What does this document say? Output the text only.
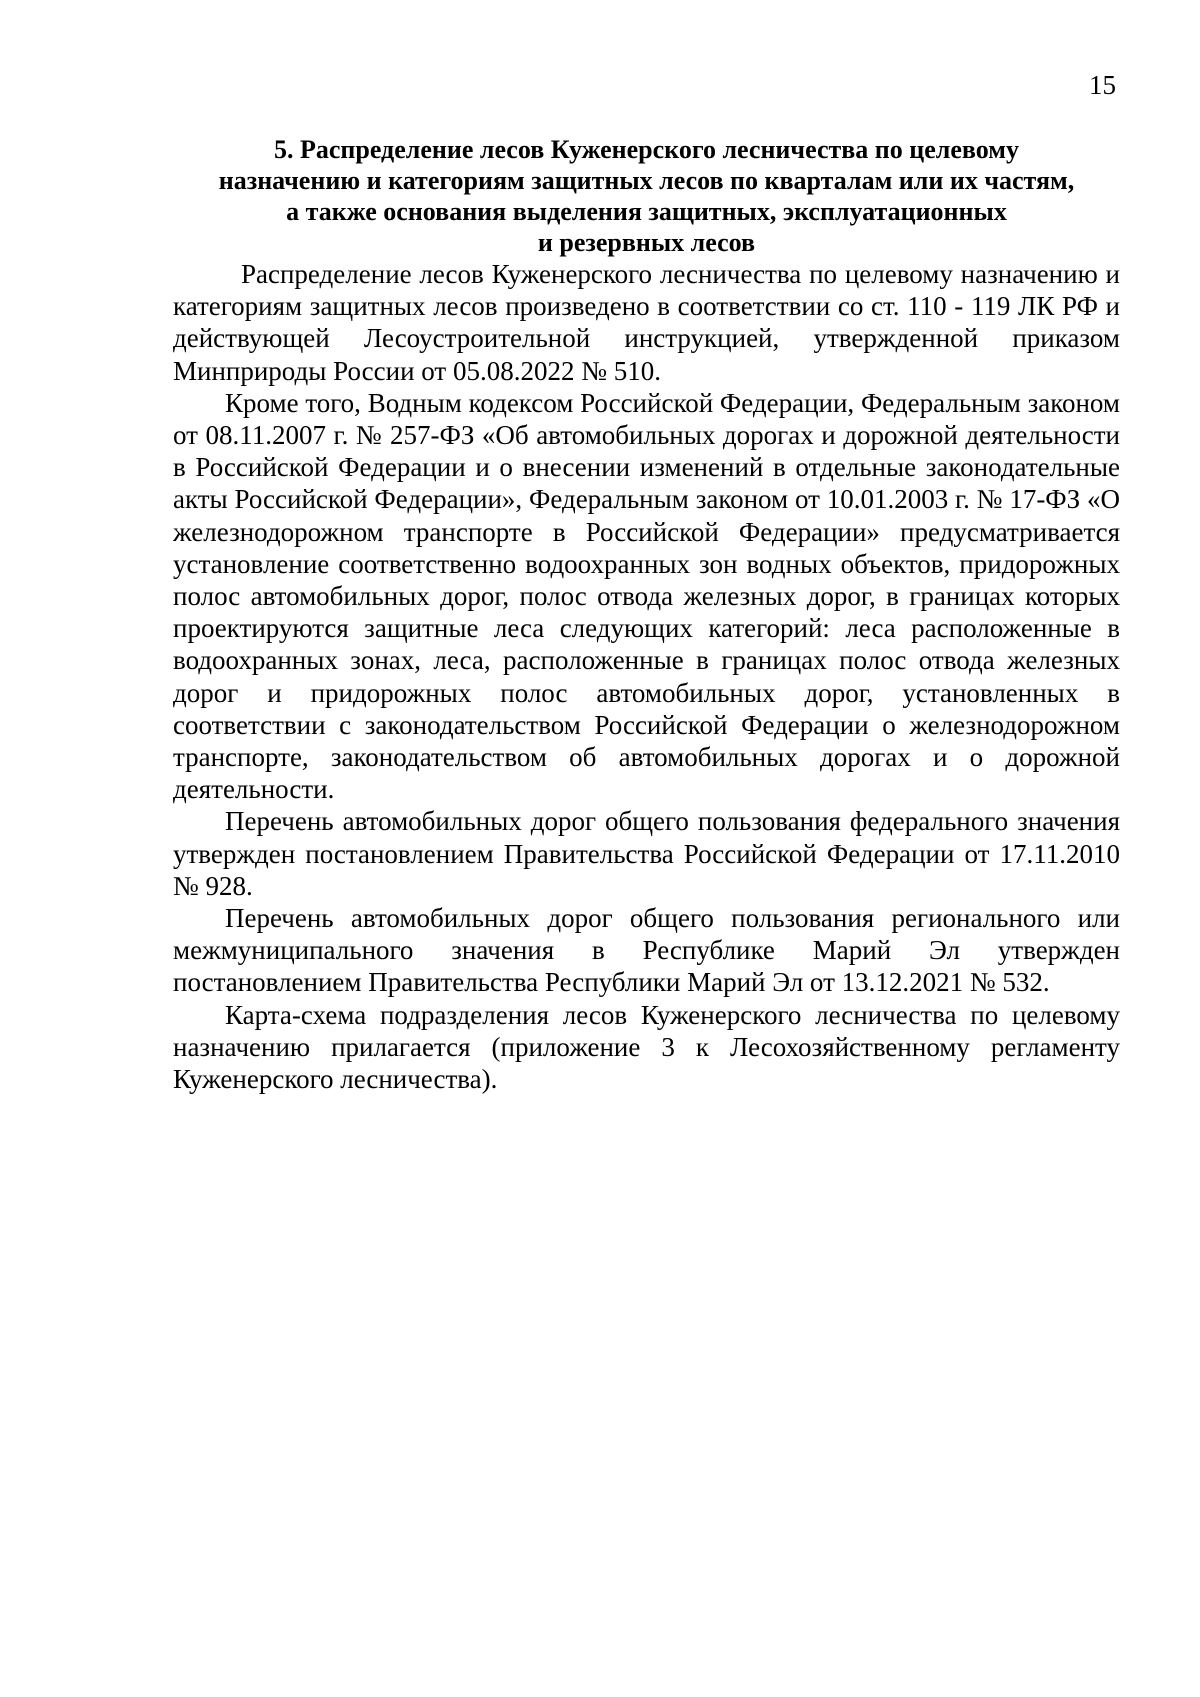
15
5. Распределение лесов Куженерского лесничества по целевому
назначению и категориям защитных лесов по кварталам или их частям,
а также основания выделения защитных, эксплуатационных
и резервных лесов

Распределение лесов Куженерского лесничества по целевому назначению и категориям защитных лесов произведено в соответствии со ст. 110 - 119 ЛК РФ и действующей Лесоустроительной инструкцией, утвержденной приказом Минприроды России от 05.08.2022 № 510.

Кроме того, Водным кодексом Российской Федерации, Федеральным законом от 08.11.2007 г. № 257-ФЗ «Об автомобильных дорогах и дорожной деятельности в Российской Федерации и о внесении изменений в отдельные законодательные акты Российской Федерации», Федеральным законом от 10.01.2003 г. № 17-ФЗ «О железнодорожном транспорте в Российской Федерации» предусматривается установление соответственно водоохранных зон водных объектов, придорожных полос автомобильных дорог, полос отвода железных дорог, в границах которых проектируются защитные леса следующих категорий: леса расположенные в водоохранных зонах, леса, расположенные в границах полос отвода железных дорог и придорожных полос автомобильных дорог, установленных в соответствии с законодательством Российской Федерации о железнодорожном транспорте, законодательством об автомобильных дорогах и о дорожной деятельности.

Перечень автомобильных дорог общего пользования федерального значения утвержден постановлением Правительства Российской Федерации от 17.11.2010 № 928.

Перечень автомобильных дорог общего пользования регионального или межмуниципального значения в Республике Марий Эл утвержден постановлением Правительства Республики Марий Эл от 13.12.2021 № 532.

Карта-схема подразделения лесов Куженерского лесничества по целевому назначению прилагается (приложение 3 к Лесохозяйственному регламенту Куженерского лесничества).
